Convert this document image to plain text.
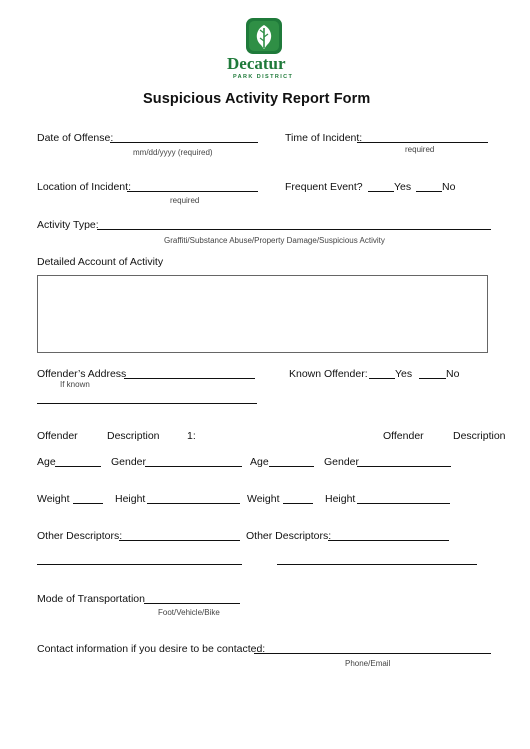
Decatur
PARK DISTRICT
Suspicious Activity Report Form
Date of Offense:
mm/dd/yyyy (required)
Time of Incident:
required
Location of Incident:
required
Frequent Event?	Yes	No
Activity Type:
Graffiti/Substance Abuse/Property Damage/Suspicious Activity
Detailed Account of Activity
Offender’s Address
If known
Known Offender:	Yes	No
Offender	Description	1:	Offender	Description
Age	Gender	Age	Gender
Weight	Height	Weight	Height
Other Descriptors:	Other Descriptors:
Mode of Transportation
Foot/Vehicle/Bike
Contact information if you desire to be contacted:
Phone/Email
